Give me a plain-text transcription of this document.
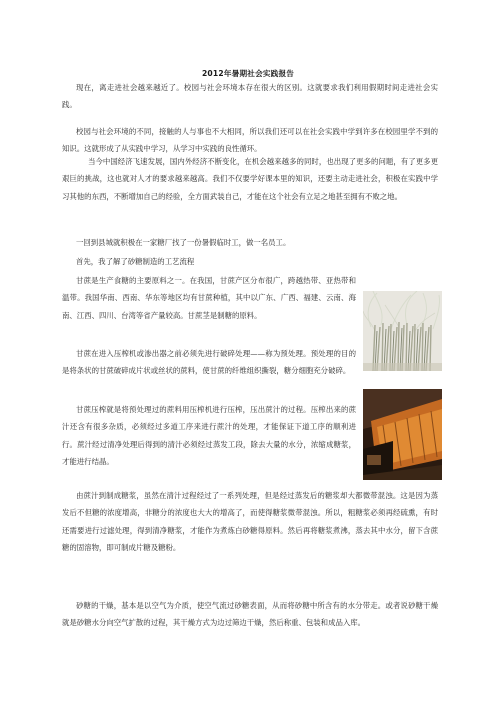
2012年暑期社会实践报告

现在，离走进社会越来越近了。校园与社会环境本存在很大的区别。这就要求我们利用假期时间走进社会实践。

校园与社会环境的不同，接触的人与事也不大相同，所以我们还可以在社会实践中学到许多在校园里学不到的知识。这就形成了从实践中学习，从学习中实践的良性循环。

当今中国经济飞速发展，国内外经济不断变化，在机会越来越多的同时，也出现了更多的问题，有了更多更艰巨的挑战，这也就对人才的要求越来越高。我们不仅要学好课本里的知识，还要主动走进社会，积极在实践中学习其他的东西，不断增加自己的经验，全方面武装自己，才能在这个社会有立足之地甚至拥有不败之地。

一回到县城就积极在一家糖厂找了一份暑假临时工，做一名员工。

首先，我了解了砂糖制造的工艺流程

甘蔗是生产食糖的主要原料之一。在我国，甘蔗产区分布很广，跨越热带、亚热带和温带。我国华南、西南、华东等地区均有甘蔗种植，其中以广东、广西、福建、云南、海南、江西、四川、台湾等省产量较高。甘蔗茎是制糖的原料。

甘蔗在进入压榨机或渗出器之前必须先进行破碎处理——称为预处理。预处理的目的是将条状的甘蔗破碎成片状或丝状的蔗料，使甘蔗的纤维组织撕裂，糖分细胞充分破碎。

甘蔗压榨就是将预处理过的蔗料用压榨机进行压榨，压出蔗汁的过程。压榨出来的蔗汁还含有很多杂质，必须经过多道工序来进行蔗汁的处理，才能保证下道工序的顺利进行。蔗汁经过清净处理后得到的清汁必须经过蒸发工段，除去大量的水分，浓缩成糖浆，才能进行结晶。

由蔗汁到制成糖浆，虽然在清汁过程经过了一系列处理，但是经过蒸发后的糖浆却大都微带混浊。这是因为蒸发后不但糖的浓度增高，非糖分的浓度也大大的增高了，而使得糖浆微带混浊。所以，粗糖浆必须再经硫熏，有时还需要进行过滤处理，得到清净糖浆，才能作为煮炼白砂糖得原料。然后再将糖浆煮沸，蒸去其中水分，留下含蔗糖的固溶物，即可制成片糖及糖粉。

砂糖的干燥，基本是以空气为介质，使空气流过砂糖表面，从而将砂糖中所含有的水分带走。或者说砂糖干燥就是砂糖水分向空气扩散的过程，其干燥方式为边过筛边干燥，然后称重、包装和成品入库。
